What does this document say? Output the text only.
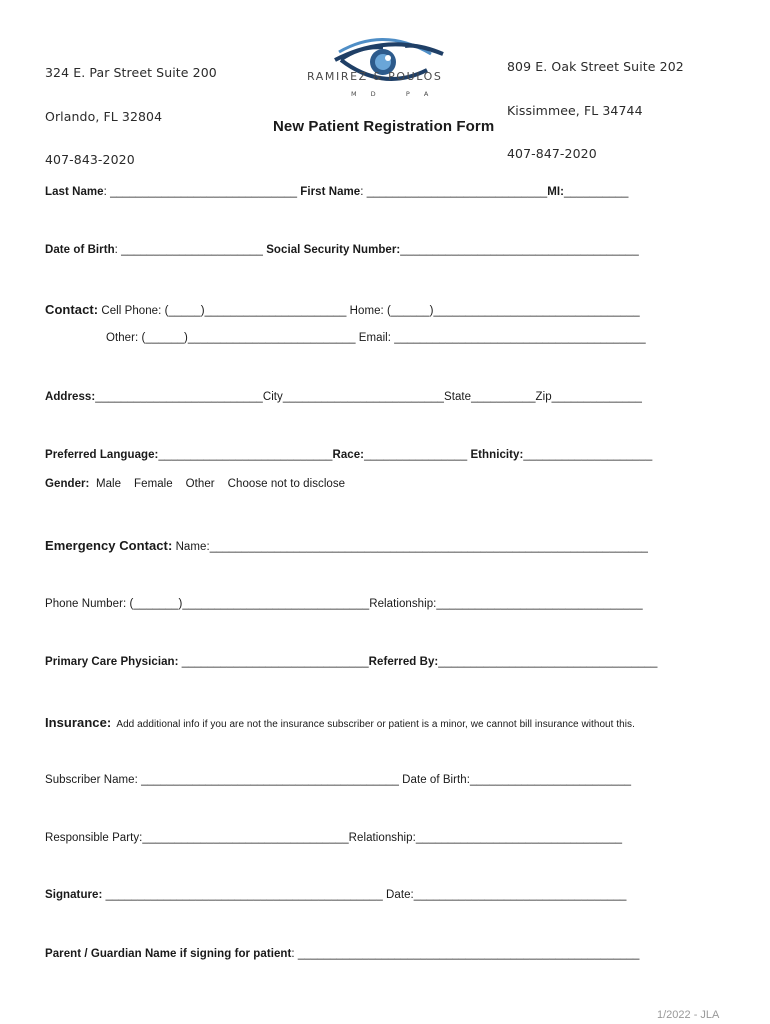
324 E. Par Street Suite 200

Orlando, FL 32804

407-843-2020

RAMIREZ & POULOS

M D   P A

809 E. Oak Street Suite 202

Kissimmee, FL 34744

407-847-2020

New Patient Registration Form
Last Name: _____________________________ First Name: ____________________________MI:__________
Date of Birth: ______________________ Social Security Number:_____________________________________
Contact: Cell Phone: (_____)______________________ Home: (______)________________________________
Other: (______)__________________________ Email: _______________________________________
Address:__________________________City_________________________State__________Zip______________
Preferred Language:___________________________Race:________________ Ethnicity:____________________
Gender:  Male    Female    Other    Choose not to disclose
Emergency Contact: Name:____________________________________________________________________
Phone Number: (_______)_____________________________Relationship:________________________________
Primary Care Physician: _____________________________Referred By:__________________________________
Insurance:  Add additional info if you are not the insurance subscriber or patient is a minor, we cannot bill insurance without this.
Subscriber Name: ________________________________________ Date of Birth:_________________________
Responsible Party:________________________________Relationship:________________________________
Signature: ___________________________________________ Date:_________________________________
Parent / Guardian Name if signing for patient: _____________________________________________________
1/2022 - JLA
